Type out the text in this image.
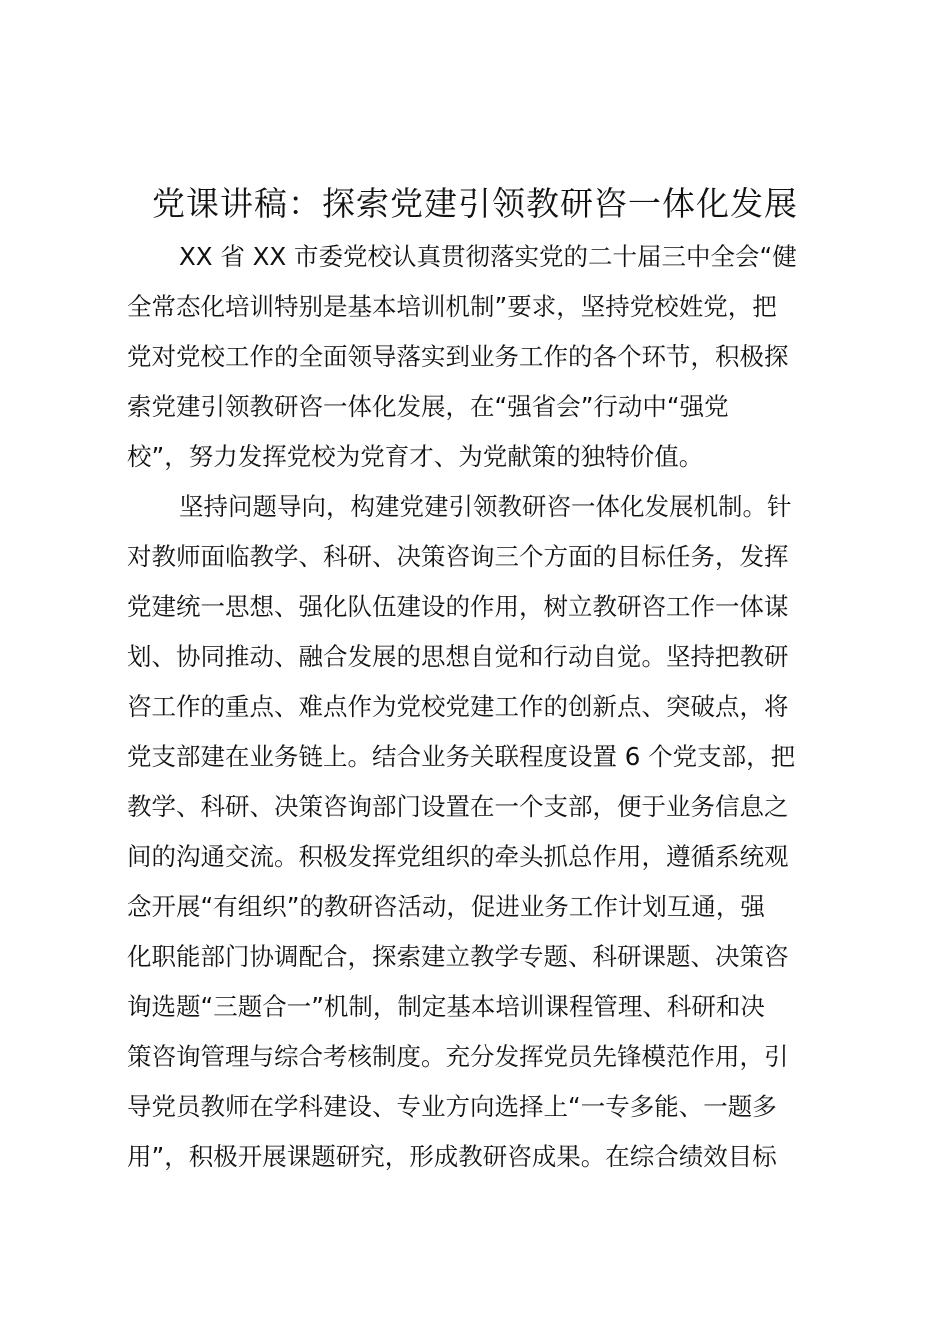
党课讲稿：探索党建引领教研咨一体化发展
XX 省 XX 市委党校认真贯彻落实党的二十届三中全会“健
全常态化培训特别是基本培训机制”要求，坚持党校姓党，把
党对党校工作的全面领导落实到业务工作的各个环节，积极探
索党建引领教研咨一体化发展，在“强省会”行动中“强党
校”，努力发挥党校为党育才、为党献策的独特价值。
坚持问题导向，构建党建引领教研咨一体化发展机制。针
对教师面临教学、科研、决策咨询三个方面的目标任务，发挥
党建统一思想、强化队伍建设的作用，树立教研咨工作一体谋
划、协同推动、融合发展的思想自觉和行动自觉。坚持把教研
咨工作的重点、难点作为党校党建工作的创新点、突破点，将
党支部建在业务链上。结合业务关联程度设置 6 个党支部，把
教学、科研、决策咨询部门设置在一个支部，便于业务信息之
间的沟通交流。积极发挥党组织的牵头抓总作用，遵循系统观
念开展“有组织”的教研咨活动，促进业务工作计划互通，强
化职能部门协调配合，探索建立教学专题、科研课题、决策咨
询选题“三题合一”机制，制定基本培训课程管理、科研和决
策咨询管理与综合考核制度。充分发挥党员先锋模范作用，引
导党员教师在学科建设、专业方向选择上“一专多能、一题多
用”，积极开展课题研究，形成教研咨成果。在综合绩效目标
